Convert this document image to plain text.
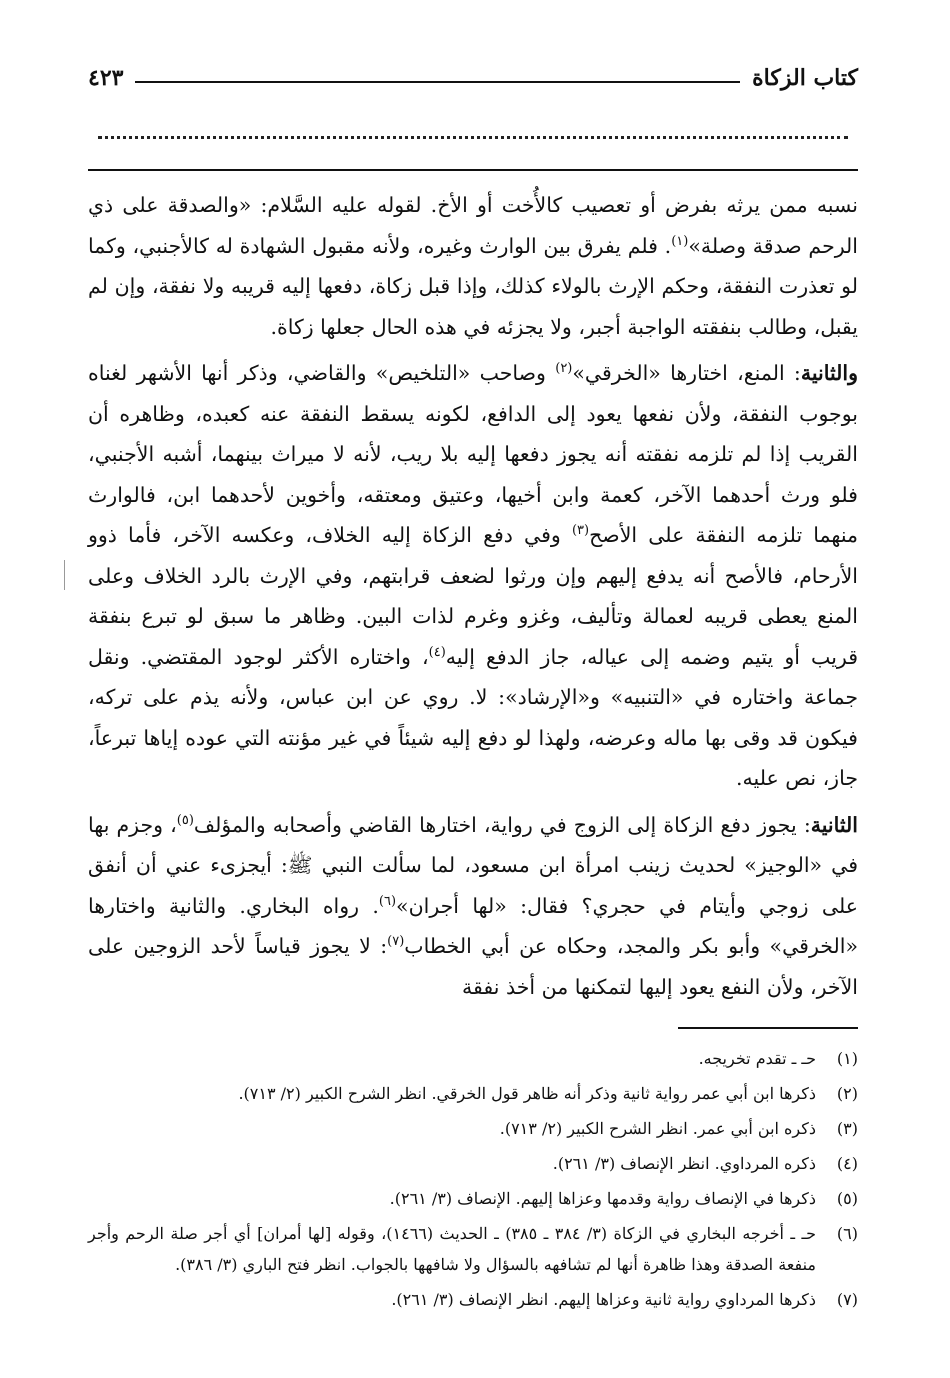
كتاب الزكاة
٤٢٣

نسبه ممن يرثه بفرض أو تعصيب كالأُخت أو الأخ. لقوله عليه السَّلام: «والصدقة على ذي الرحم صدقة وصلة»$^{(١)}$. فلم يفرق بين الوارث وغيره، ولأنه مقبول الشهادة له كالأجنبي، وكما لو تعذرت النفقة، وحكم الإرث بالولاء كذلك، وإذا قبل زكاة، دفعها إليه قريبه ولا نفقة، وإن لم يقبل، وطالب بنفقته الواجبة أجبر، ولا يجزئه في هذه الحال جعلها زكاة.

والثانية: المنع، اختارها «الخرقي»$^{(٢)}$ وصاحب «التلخيص» والقاضي، وذكر أنها الأشهر لغناه بوجوب النفقة، ولأن نفعها يعود إلى الدافع، لكونه يسقط النفقة عنه كعبده، وظاهره أن القريب إذا لم تلزمه نفقته أنه يجوز دفعها إليه بلا ريب، لأنه لا ميراث بينهما، أشبه الأجنبي، فلو ورث أحدهما الآخر، كعمة وابن أخيها، وعتيق ومعتقه، وأخوين لأحدهما ابن، فالوارث منهما تلزمه النفقة على الأصح$^{(٣)}$ وفي دفع الزكاة إليه الخلاف، وعكسه الآخر، فأما ذوو الأرحام، فالأصح أنه يدفع إليهم وإن ورثوا لضعف قرابتهم، وفي الإرث بالرد الخلاف وعلى المنع يعطى قريبه لعمالة وتأليف، وغزو وغرم لذات البين. وظاهر ما سبق لو تبرع بنفقة قريب أو يتيم وضمه إلى عياله، جاز الدفع إليه$^{(٤)}$، واختاره الأكثر لوجود المقتضي. ونقل جماعة واختاره في «التنبيه» و«الإرشاد»: لا. روي عن ابن عباس، ولأنه يذم على تركه، فيكون قد وقى بها ماله وعرضه، ولهذا لو دفع إليه شيئاً في غير مؤنته التي عوده إياها تبرعاً، جاز، نص عليه.

الثانية: يجوز دفع الزكاة إلى الزوج في رواية، اختارها القاضي وأصحابه والمؤلف$^{(٥)}$، وجزم بها في «الوجيز» لحديث زينب امرأة ابن مسعود، لما سألت النبي ﷺ: أيجزىء عني أن أنفق على زوجي وأيتام في حجري؟ فقال: «لها أجران»$^{(٦)}$. رواه البخاري. والثانية واختارها «الخرقي» وأبو بكر والمجد، وحكاه عن أبي الخطاب$^{(٧)}$: لا يجوز قياساً لأحد الزوجين على الآخر، ولأن النفع يعود إليها لتمكنها من أخذ نفقة

(١)
حـ ـ تقدم تخريجه.
(٢)
ذكرها ابن أبي عمر رواية ثانية وذكر أنه ظاهر قول الخرقي. انظر الشرح الكبير (٢/ ٧١٣).
(٣)
ذكره ابن أبي عمر. انظر الشرح الكبير (٢/ ٧١٣).
(٤)
ذكره المرداوي. انظر الإنصاف (٣/ ٢٦١).
(٥)
ذكرها في الإنصاف رواية وقدمها وعزاها إليهم. الإنصاف (٣/ ٢٦١).
(٦)
حـ ـ أخرجه البخاري في الزكاة (٣/ ٣٨٤ ـ ٣٨٥) ـ الحديث (١٤٦٦)، وقوله [لها أمران] أي أجر صلة الرحم وأجر منفعة الصدقة وهذا ظاهرة أنها لم تشافهه بالسؤال ولا شافهها بالجواب. انظر فتح الباري (٣/ ٣٨٦).
(٧)
ذكرها المرداوي رواية ثانية وعزاها إليهم. انظر الإنصاف (٣/ ٢٦١).
